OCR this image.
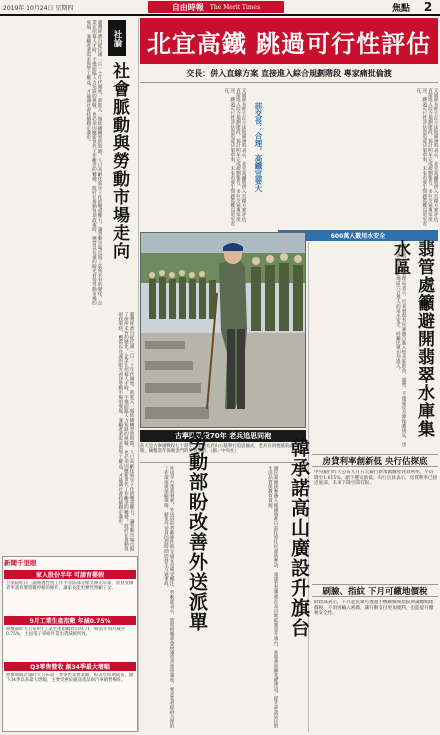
2019年 10月24日 星期四	自由時報 The Merit Times	焦點	2
臺灣經濟自從民國一百一十年代開始，就進入一個結構轉型的時期。人口高齡化與少子化的雙重壓力，讓勞動市場出現了前所未有的變化。企業在招募人才時，不僅面臨人力短缺的挑戰，也必須因應新世代工作觀念的轉變。政府在推動各項政策時，應當以長遠的眼光看待勞動市場的發展，兼顧產業需求與勞工權益，才能讓社會持續穩定進步。	社論
社會脈動與勞動市場走向
臺灣經濟自從民國一百一十年代開始，就進入一個結構轉型的時期。人口高齡化與少子化的雙重壓力，讓勞動市場出現了前所未有的變化。企業在招募人才時，不僅面臨人力短缺的挑戰，也必須因應新世代工作觀念的轉變。政府在推動各項政策時，應當以長遠的眼光看待勞動市場的發展，兼顧產業需求與勞工權益，才能讓社會持續穩定進步。
新聞千里眼
家人股份半年 可請育嬰假
立法院昨日三讀通過性別工作平等法部分條文修正草案，放寬受僱者申請育嬰留職停薪的條件，讓家長能更彈性照顧子女。
9月工業生產指數 年減0.75%
經濟部昨天公布9月工業生產指數為110.71，較去年同月減少0.75%，主因電子零組件業出貨減緩所致。
Q3零售營收 創34季最大增幅
經濟部統計處昨天公布第三季零售業營業額，較去年同期成長，創下34季以來最大增幅，主要受惠於通訊產品與汽車銷售暢旺。
北宜高鐵 跳過可行性評估
交長：併入直線方案 直接進入綜合規劃階段 專家痛批倫渡
交通部長昨天在立法院備詢時表示，北宜高鐵將併入直線方案評估，直接進入綜合規劃階段，預計明年完成規劃報告。多位交通專家批評，跳過可行性評估恐造成決策草率，未來若發生問題將難以追究責任。
前交長：合理，高鐵宜要大	交通部長昨天在立法院備詢時表示，北宜高鐵將併入直線方案評估，直接進入綜合規劃階段，預計明年完成規劃報告。多位交通專家批評，跳過可行性評估恐造成決策草率，未來若發生問題將難以追究責任。
600萬人數用水安全
古寧頭戰役70年 老兵追思同袍
前天是古寧頭戰役七十週年，金門太武山公墓舉行追思儀式，老兵在同袍墓前肅立致敬，緬懷當年保衛金門的英勇事蹟。（圖／中央社）
臺北翡翠水庫管理局表示，近來發現有民眾擅自進入集水區釣魚、露營，不僅違反水源保護規定，也可能影響大臺北地區六百萬人的用水安全，呼籲民眾切勿進入。 翡管處籲避開翡翠水庫集水區
房貸利率創新低 央行估探底
中央銀行昨天公布九月五大銀行新承做購屋貸款利率，平均降至1.615%，創下歷史新低。央行官員表示，房貸利率已接近底部，未來下降空間有限。
刷臉、指紋 下月可繳地價稅
財政部表示，下月起民眾可透過手機刷臉或指紋辨識繳納地價稅，不須再輸入密碼，讓行動支付更加便利，也能提升繳稅安全性。
外送平台蓬勃發展，外送員的勞動條件與交通安全備受關注。勞動部表示，將與相關部會研議改善派單制度，要求業者提供合理的工作環境與保險保障，避免外送員因趕時間而發生交通事故。 勞動部盼改善外送派單	國民黨總統參選人韓國瑜昨日前往原住民部落參訪，承諾若當選將在高山地區廣設升旗台，並加強原鄉基礎建設，提升部落居民的生活品質與教育資源。 韓承諾高山廣設升旗台
